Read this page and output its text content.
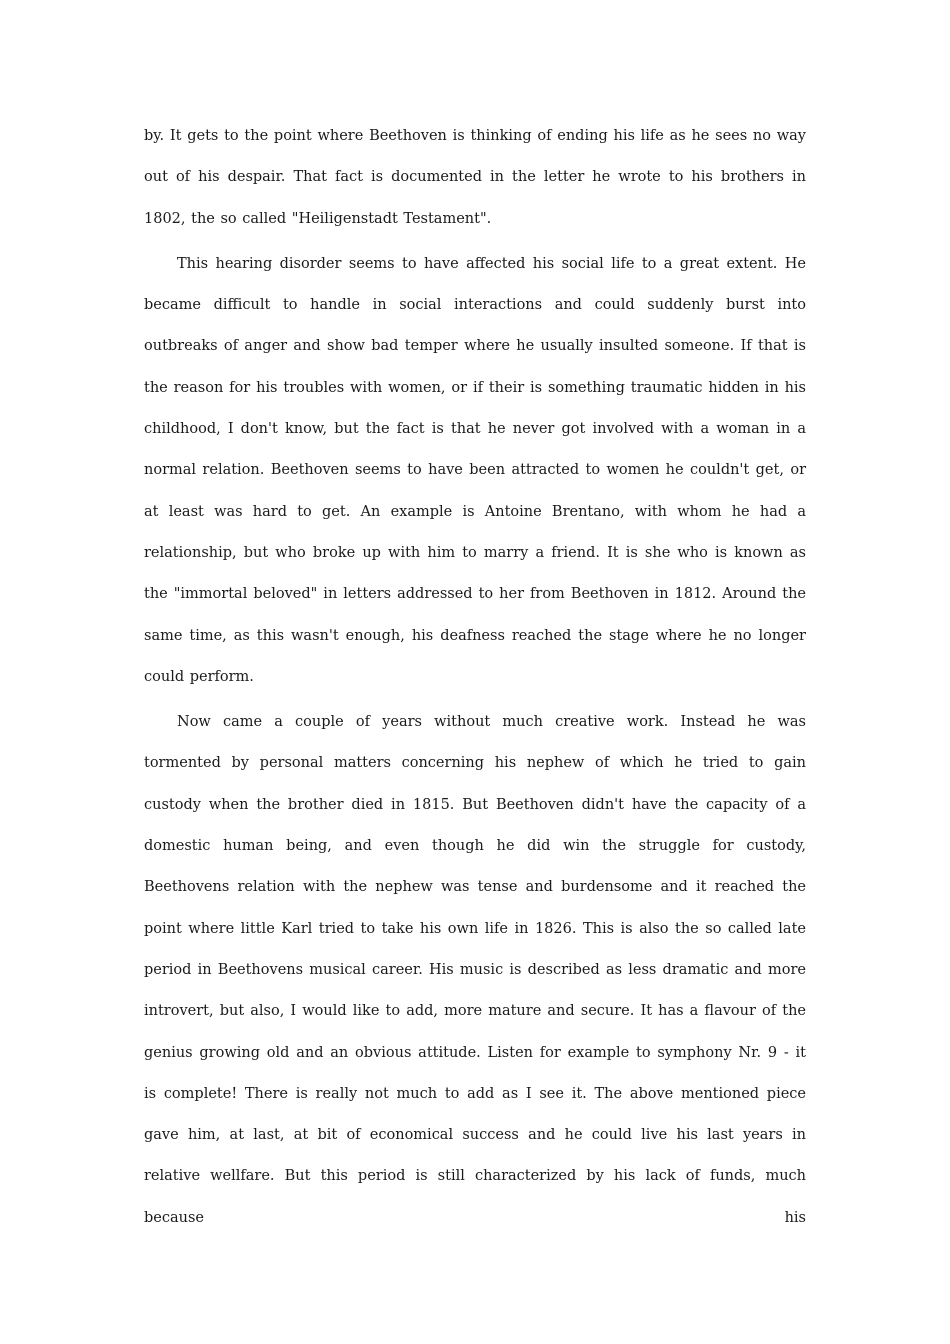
by. It gets to the point where Beethoven is thinking of ending his life as he sees no way out of his despair. That fact is documented in the letter he wrote to his brothers in 1802, the so called "Heiligenstadt Testament".

This hearing disorder seems to have affected his social life to a great extent. He became difficult to handle in social interactions and could suddenly burst into outbreaks of anger and show bad temper where he usually insulted someone. If that is the reason for his troubles with women, or if their is something traumatic hidden in his childhood, I don't know, but the fact is that he never got involved with a woman in a normal relation. Beethoven seems to have been attracted to women he couldn't get, or at least was hard to get. An example is Antoine Brentano, with whom he had a relationship, but who broke up with him to marry a friend. It is she who is known as the "immortal beloved" in letters addressed to her from Beethoven in 1812. Around the same time, as this wasn't enough, his deafness reached the stage where he no longer could perform.

Now came a couple of years without much creative work. Instead he was tormented by personal matters concerning his nephew of which he tried to gain custody when the brother died in 1815. But Beethoven didn't have the capacity of a domestic human being, and even though he did win the struggle for custody, Beethovens relation with the nephew was tense and burdensome and it reached the point where little Karl tried to take his own life in 1826. This is also the so called late period in Beethovens musical career. His music is described as less dramatic and more introvert, but also, I would like to add, more mature and secure. It has a flavour of the genius growing old and an obvious attitude. Listen for example to symphony Nr. 9 - it is complete! There is really not much to add as I see it. The above mentioned piece gave him, at last, at bit of economical success and he could live his last years in relative wellfare. But this period is still characterized by his lack of funds, much because his
